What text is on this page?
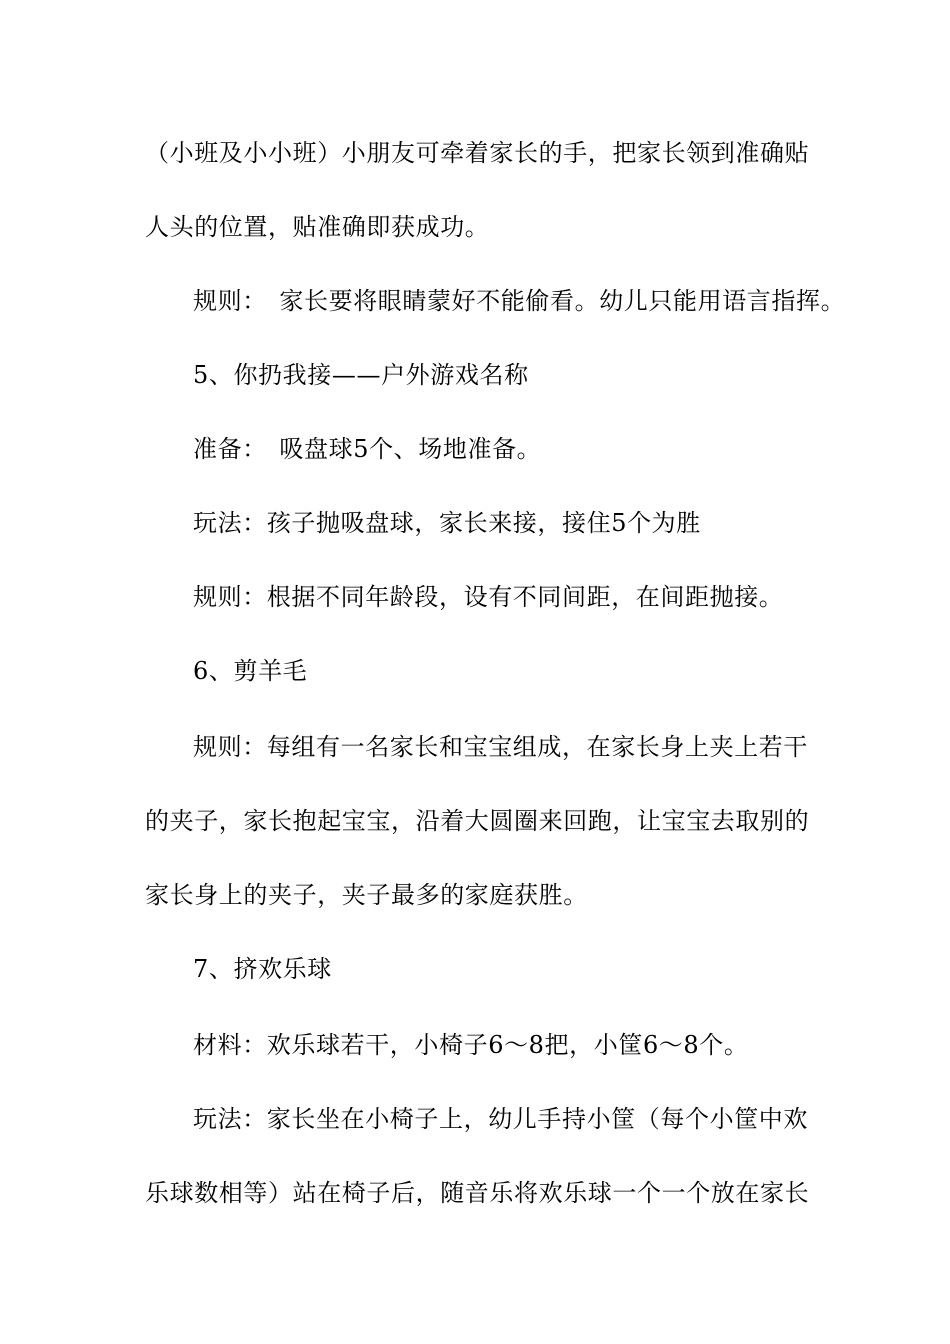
（小班及小小班）小朋友可牵着家长的手，把家长领到准确贴
人头的位置，贴准确即获成功。
规则：　家长要将眼睛蒙好不能偷看。幼儿只能用语言指挥。
5、你扔我接——户外游戏名称
准备：　吸盘球5个、场地准备。
玩法：孩子抛吸盘球，家长来接，接住5个为胜
规则：根据不同年龄段，设有不同间距，在间距抛接。
6、剪羊毛
规则：每组有一名家长和宝宝组成，在家长身上夹上若干
的夹子，家长抱起宝宝，沿着大圆圈来回跑，让宝宝去取别的
家长身上的夹子，夹子最多的家庭获胜。
7、挤欢乐球
材料：欢乐球若干，小椅子6～8把，小筐6～8个。
玩法：家长坐在小椅子上，幼儿手持小筐（每个小筐中欢
乐球数相等）站在椅子后，随音乐将欢乐球一个一个放在家长
